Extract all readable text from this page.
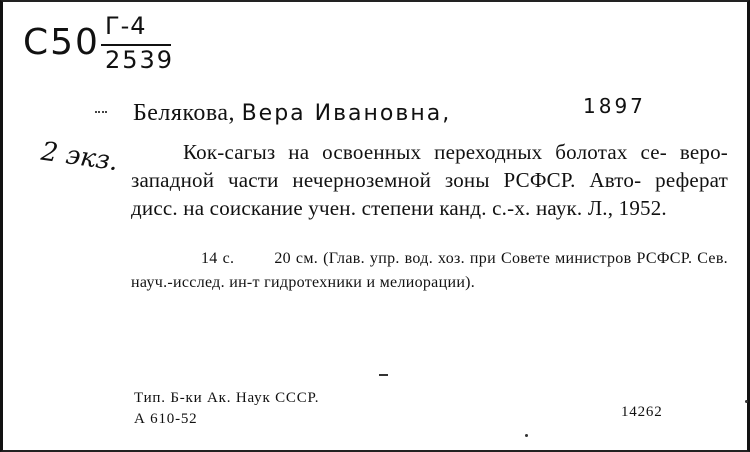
С50 Г-4
2539
Белякова, Вера Ивановна,	1897
2 экз.	Кок-сагыз на освоенных переходных болотах се- веро-западной части нечерноземной зоны РСФСР. Авто- реферат дисс. на соискание учен. степени канд. с.-х. наук. Л., 1952.
14 с.	20 см. (Глав. упр. вод. хоз. при Совете министров РСФСР. Сев. науч.-исслед. ин-т гидротехники и мелиорации).
Тип. Б-ки Ак. Наук СССР.
А 610-52	14262
